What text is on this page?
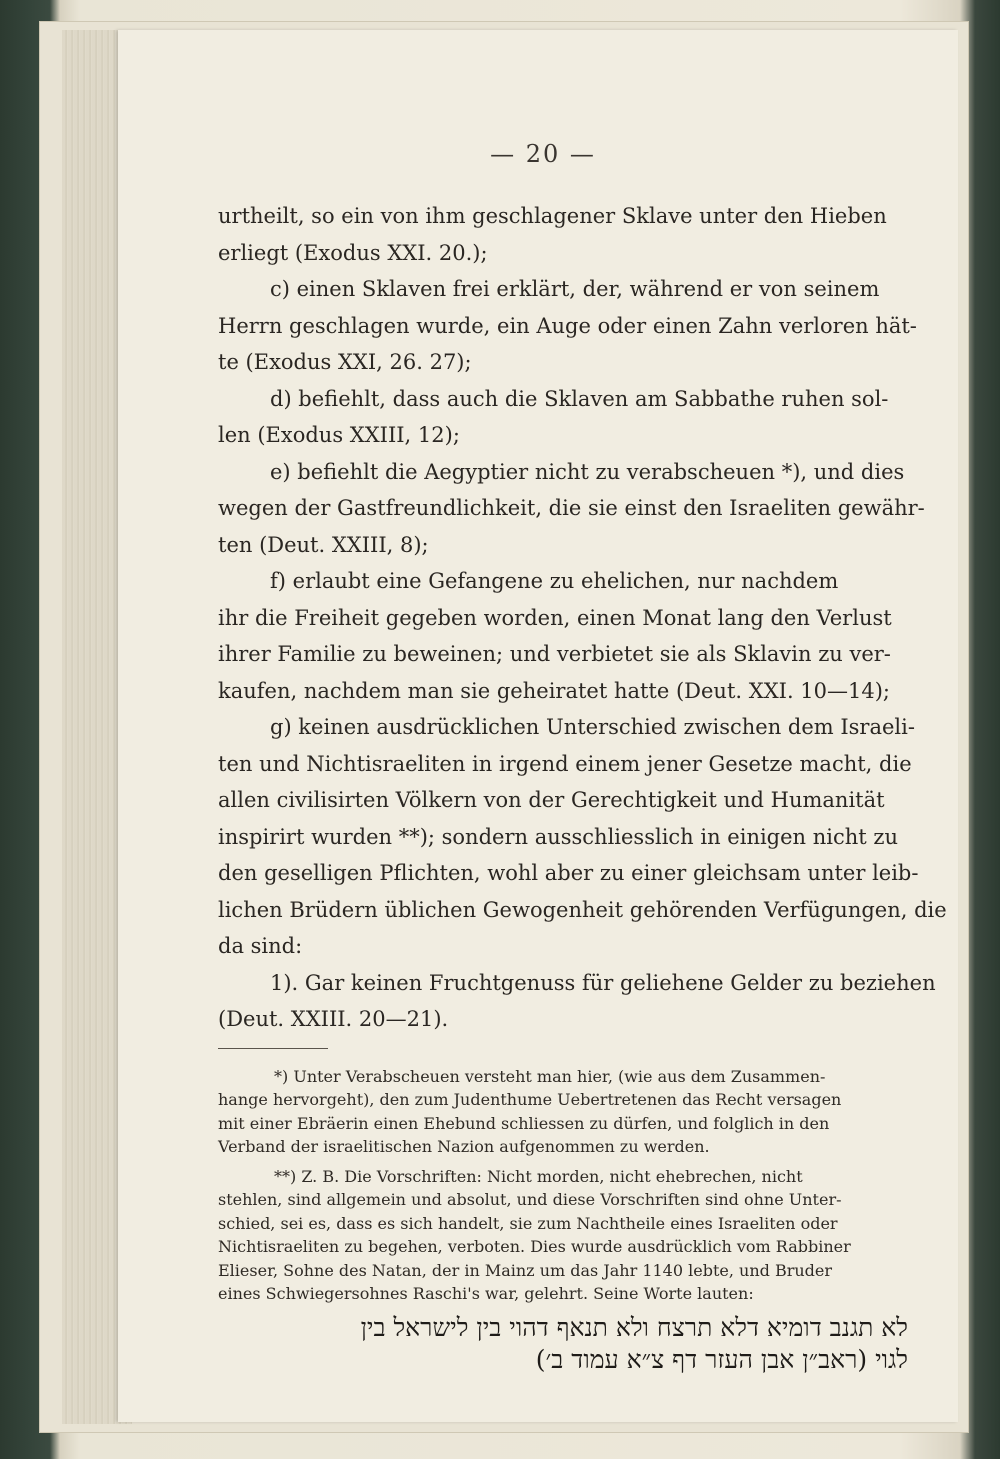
— 20 —
urtheilt, so ein von ihm geschlagener Sklave unter den Hieben
erliegt (Exodus XXI. 20.);
c) einen Sklaven frei erklärt, der, während er von seinem
Herrn geschlagen wurde, ein Auge oder einen Zahn verloren hät-
te (Exodus XXI, 26. 27);
d) befiehlt, dass auch die Sklaven am Sabbathe ruhen sol-
len (Exodus XXIII, 12);
e) befiehlt die Aegyptier nicht zu verabscheuen *), und dies
wegen der Gastfreundlichkeit, die sie einst den Israeliten gewähr-
ten (Deut. XXIII, 8);
f) erlaubt eine Gefangene zu ehelichen, nur nachdem
ihr die Freiheit gegeben worden, einen Monat lang den Verlust
ihrer Familie zu beweinen; und verbietet sie als Sklavin zu ver-
kaufen, nachdem man sie geheiratet hatte (Deut. XXI. 10—14);
g) keinen ausdrücklichen Unterschied zwischen dem Israeli-
ten und Nichtisraeliten in irgend einem jener Gesetze macht, die
allen civilisirten Völkern von der Gerechtigkeit und Humanität
inspirirt wurden **); sondern ausschliesslich in einigen nicht zu
den geselligen Pflichten, wohl aber zu einer gleichsam unter leib-
lichen Brüdern üblichen Gewogenheit gehörenden Verfügungen, die
da sind:
1). Gar keinen Fruchtgenuss für geliehene Gelder zu beziehen
(Deut. XXIII. 20—21).
*) Unter Verabscheuen versteht man hier, (wie aus dem Zusammen-
hange hervorgeht), den zum Judenthume Uebertretenen das Recht versagen
mit einer Ebräerin einen Ehebund schliessen zu dürfen, und folglich in den
Verband der israelitischen Nazion aufgenommen zu werden.
**) Z. B. Die Vorschriften: Nicht morden, nicht ehebrechen, nicht
stehlen, sind allgemein und absolut, und diese Vorschriften sind ohne Unter-
schied, sei es, dass es sich handelt, sie zum Nachtheile eines Israeliten oder
Nichtisraeliten zu begehen, verboten. Dies wurde ausdrücklich vom Rabbiner
Elieser, Sohne des Natan, der in Mainz um das Jahr 1140 lebte, und Bruder
eines Schwiegersohnes Raschi's war, gelehrt. Seine Worte lauten:
לא תגנב דומיא דלא תרצח ולא תנאף דהוי בין לישראל בין
לגוי (ראב״ן אבן העזר דף צ״א עמוד ב׳)
